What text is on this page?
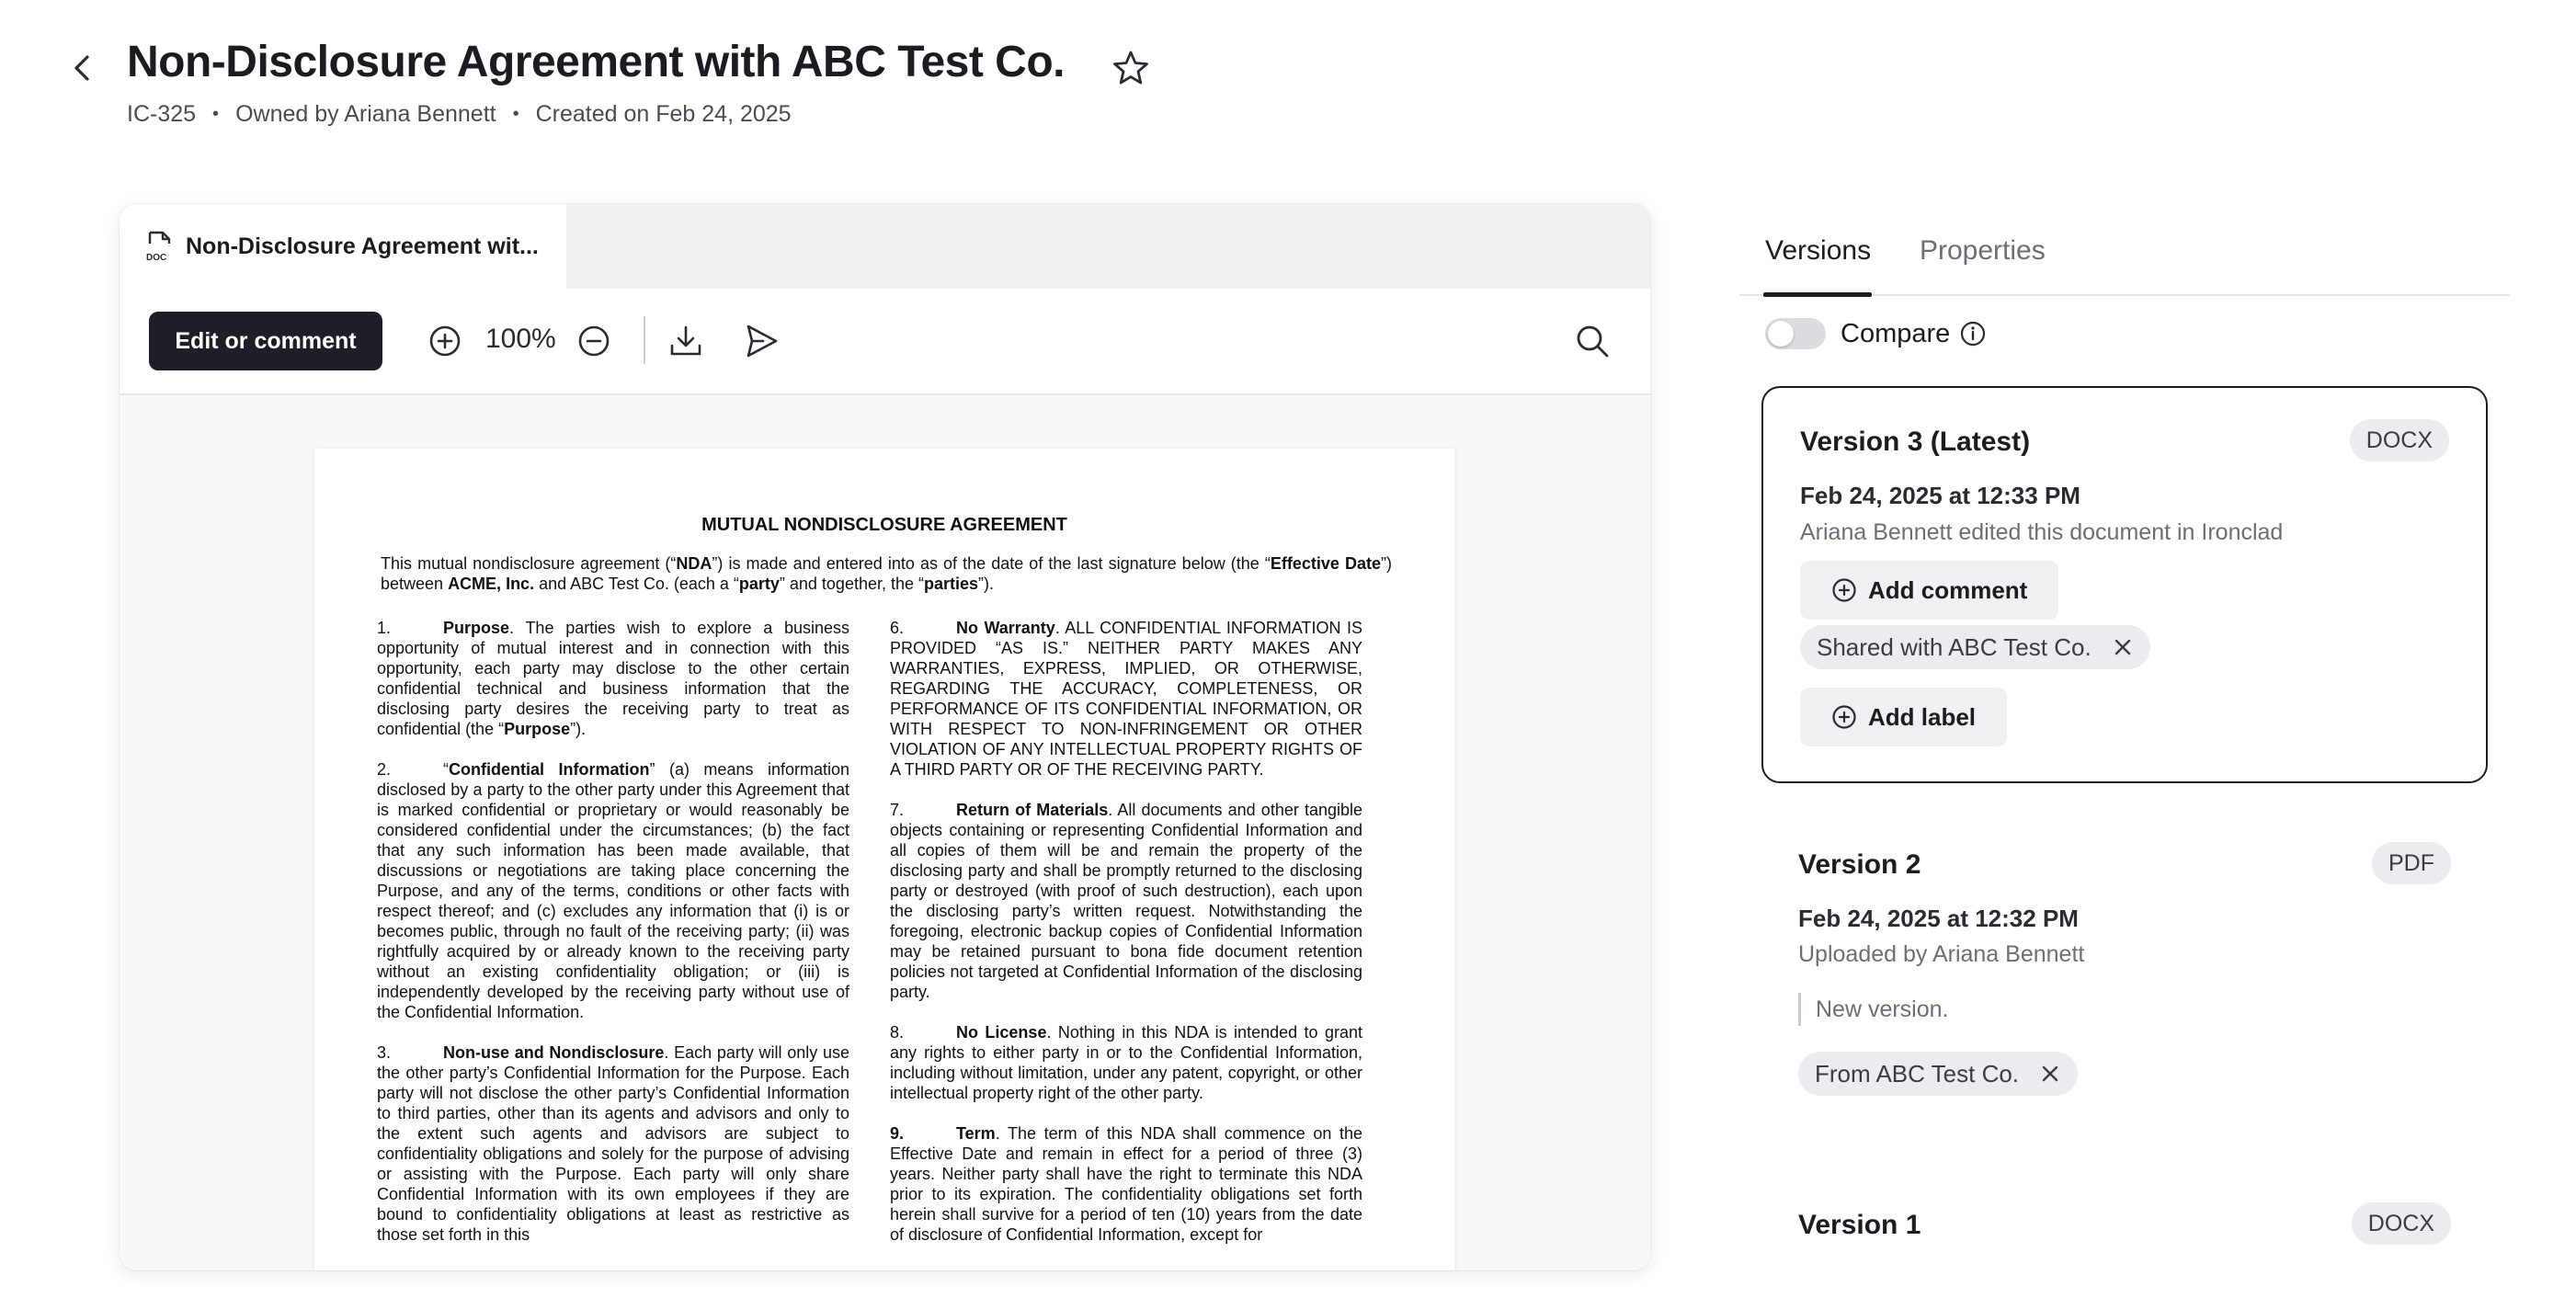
Non-Disclosure Agreement with ABC Test Co.
IC-325 • Owned by Ariana Bennett • Created on Feb 24, 2025
DOC Non-Disclosure Agreement wit...
Edit or comment	100%
MUTUAL NONDISCLOSURE AGREEMENT
This mutual nondisclosure agreement (“NDA”) is made and entered into as of the date of the last signature below (the “Effective Date”) between ACME, Inc. and ABC Test Co. (each a “party” and together, the “parties”).

1.	Purpose. The parties wish to explore a business opportunity of mutual interest and in connection with this opportunity, each party may disclose to the other certain confidential technical and business information that the disclosing party desires the receiving party to treat as confidential (the “Purpose”).

2.	“Confidential Information” (a) means information disclosed by a party to the other party under this Agreement that is marked confidential or proprietary or would reasonably be considered confidential under the circumstances; (b) the fact that any such information has been made available, that discussions or negotiations are taking place concerning the Purpose, and any of the terms, conditions or other facts with respect thereof; and (c) excludes any information that (i) is or becomes public, through no fault of the receiving party; (ii) was rightfully acquired by or already known to the receiving party without an existing confidentiality obligation; or (iii) is independently developed by the receiving party without use of the Confidential Information.

3.	Non-use and Nondisclosure. Each party will only use the other party’s Confidential Information for the Purpose. Each party will not disclose the other party’s Confidential Information to third parties, other than its agents and advisors and only to the extent such agents and advisors are subject to confidentiality obligations and solely for the purpose of advising or assisting with the Purpose. Each party will only share Confidential Information with its own employees if they are bound to confidentiality obligations at least as restrictive as those set forth in this

6.	No Warranty. ALL CONFIDENTIAL INFORMATION IS PROVIDED “AS IS.” NEITHER PARTY MAKES ANY WARRANTIES, EXPRESS, IMPLIED, OR OTHERWISE, REGARDING THE ACCURACY, COMPLETENESS, OR PERFORMANCE OF ITS CONFIDENTIAL INFORMATION, OR WITH RESPECT TO NON-INFRINGEMENT OR OTHER VIOLATION OF ANY INTELLECTUAL PROPERTY RIGHTS OF A THIRD PARTY OR OF THE RECEIVING PARTY.

7.	Return of Materials. All documents and other tangible objects containing or representing Confidential Information and all copies of them will be and remain the property of the disclosing party and shall be promptly returned to the disclosing party or destroyed (with proof of such destruction), each upon the disclosing party’s written request. Notwithstanding the foregoing, electronic backup copies of Confidential Information may be retained pursuant to bona fide document retention policies not targeted at Confidential Information of the disclosing party.

8.	No License. Nothing in this NDA is intended to grant any rights to either party in or to the Confidential Information, including without limitation, under any patent, copyright, or other intellectual property right of the other party.

9.	Term. The term of this NDA shall commence on the Effective Date and remain in effect for a period of three (3) years. Neither party shall have the right to terminate this NDA prior to its expiration. The confidentiality obligations set forth herein shall survive for a period of ten (10) years from the date of disclosure of Confidential Information, except for

Versions Properties
Compare
Version 3 (Latest)	DOCX
Feb 24, 2025 at 12:33 PM
Ariana Bennett edited this document in Ironclad
Add comment
Shared with ABC Test Co.
Add label
Version 2	PDF
Feb 24, 2025 at 12:32 PM
Uploaded by Ariana Bennett
New version.
From ABC Test Co.
Version 1	DOCX
